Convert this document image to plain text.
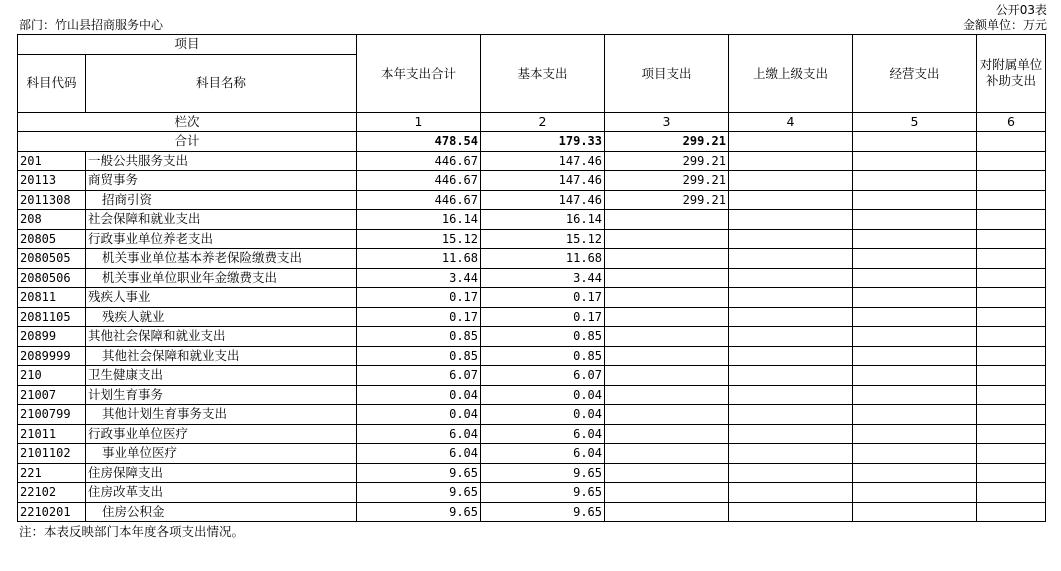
公开03表
部门：竹山县招商服务中心	金额单位：万元
项目		本年支出合计	基本支出	项目支出	上缴上级支出	经营支出	对附属单位补助支出
科目代码	科目名称						
栏次		1	2	3	4	5	6
合计		478.54	179.33	299.21			
201	一般公共服务支出	446.67	147.46	299.21			
20113	商贸事务	446.67	147.46	299.21			
2011308	招商引资	446.67	147.46	299.21			
208	社会保障和就业支出	16.14	16.14				
20805	行政事业单位养老支出	15.12	15.12				
2080505	机关事业单位基本养老保险缴费支出	11.68	11.68				
2080506	机关事业单位职业年金缴费支出	3.44	3.44				
20811	残疾人事业	0.17	0.17				
2081105	残疾人就业	0.17	0.17				
20899	其他社会保障和就业支出	0.85	0.85				
2089999	其他社会保障和就业支出	0.85	0.85				
210	卫生健康支出	6.07	6.07				
21007	计划生育事务	0.04	0.04				
2100799	其他计划生育事务支出	0.04	0.04				
21011	行政事业单位医疗	6.04	6.04				
2101102	事业单位医疗	6.04	6.04				
221	住房保障支出	9.65	9.65				
22102	住房改革支出	9.65	9.65				
2210201	住房公积金	9.65	9.65				
注：本表反映部门本年度各项支出情况。
